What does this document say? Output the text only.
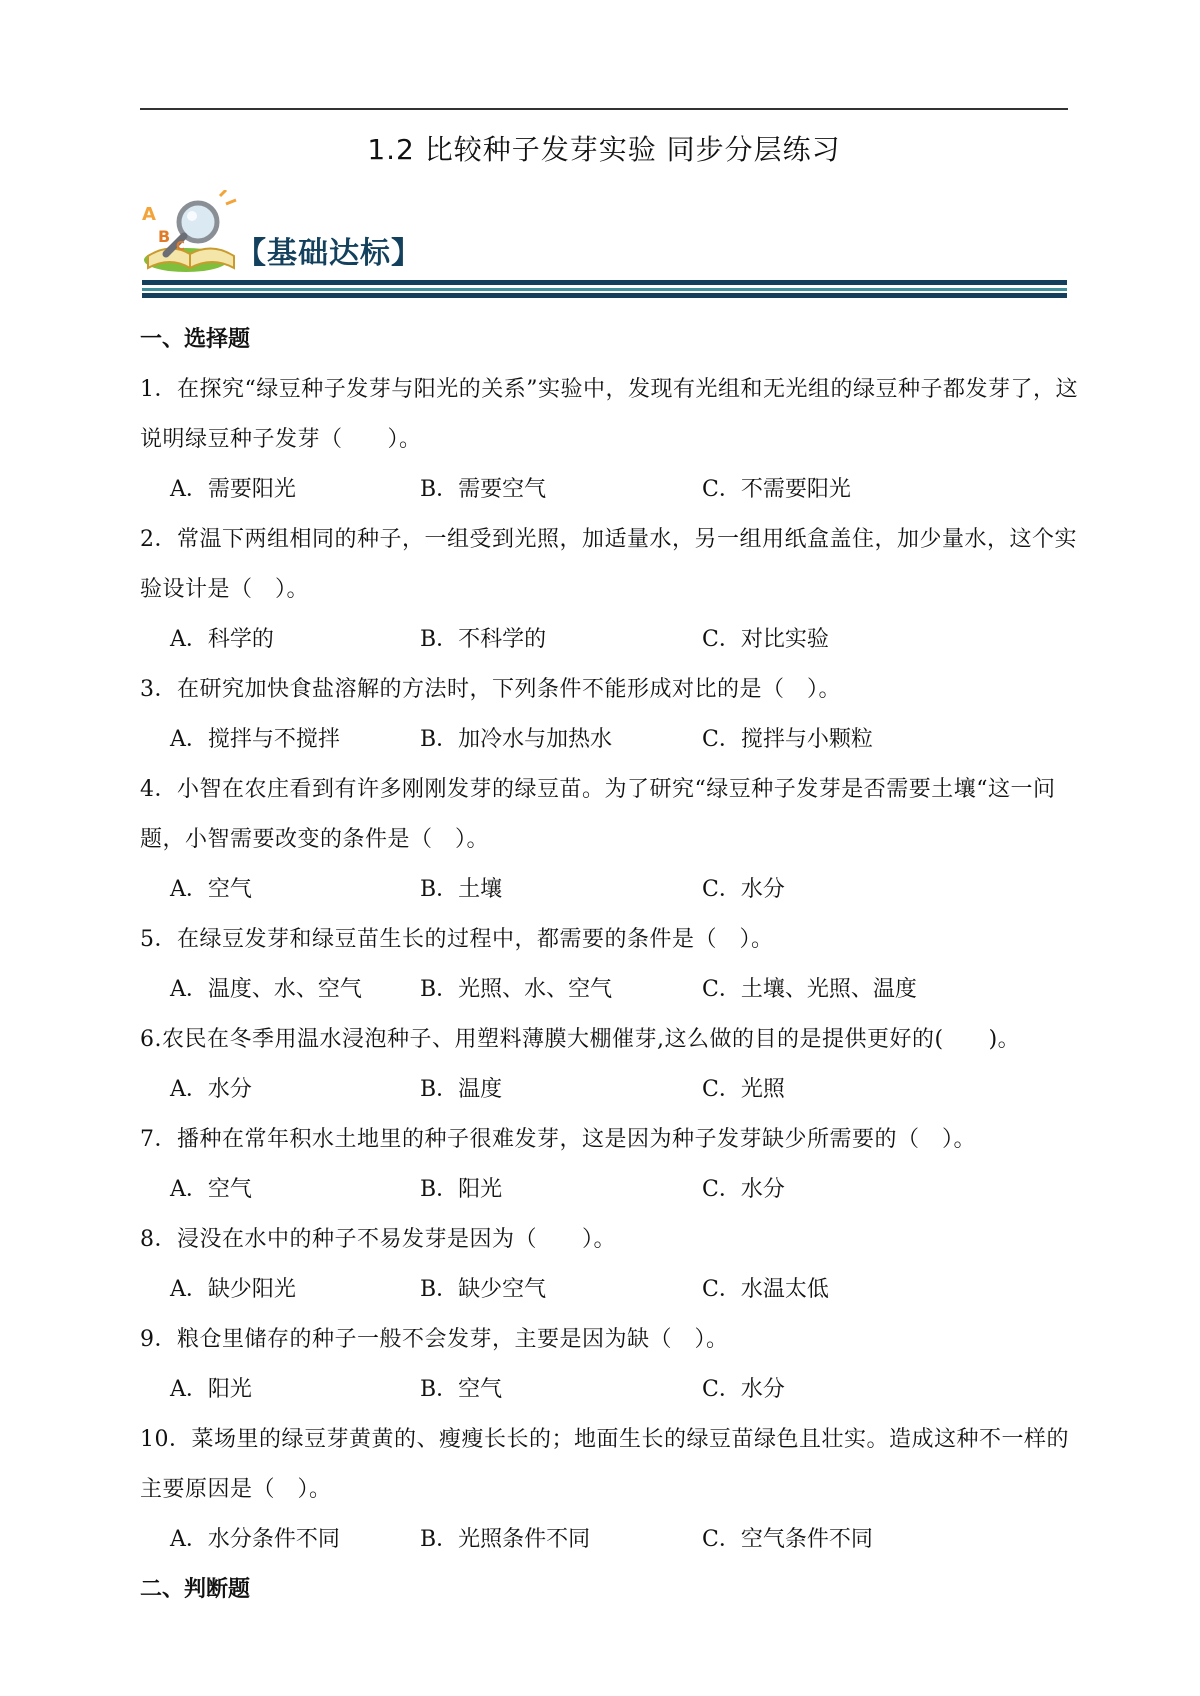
1.2 比较种子发芽实验 同步分层练习
A
B C 【基础达标】
一、选择题
1．在探究“绿豆种子发芽与阳光的关系”实验中，发现有光组和无光组的绿豆种子都发芽了，这说明绿豆种子发芽（　　）。
A．需要阳光	B．需要空气	C．不需要阳光
2．常温下两组相同的种子，一组受到光照，加适量水，另一组用纸盒盖住，加少量水，这个实验设计是（　）。
A．科学的	B．不科学的	C．对比实验
3．在研究加快食盐溶解的方法时，下列条件不能形成对比的是（　）。
A．搅拌与不搅拌	B．加冷水与加热水	C．搅拌与小颗粒
4．小智在农庄看到有许多刚刚发芽的绿豆苗。为了研究“绿豆种子发芽是否需要土壤“这一问题，小智需要改变的条件是（　）。
A．空气	B．土壤	C．水分
5．在绿豆发芽和绿豆苗生长的过程中，都需要的条件是（　）。
A．温度、水、空气	B．光照、水、空气	C．土壤、光照、温度
6.农民在冬季用温水浸泡种子、用塑料薄膜大棚催芽,这么做的目的是提供更好的(　　)。
A．水分	B．温度	C．光照
7．播种在常年积水土地里的种子很难发芽，这是因为种子发芽缺少所需要的（　）。
A．空气	B．阳光	C．水分
8．浸没在水中的种子不易发芽是因为（　　）。
A．缺少阳光	B．缺少空气	C．水温太低
9．粮仓里储存的种子一般不会发芽，主要是因为缺（　）。
A．阳光	B．空气	C．水分
10．菜场里的绿豆芽黄黄的、瘦瘦长长的；地面生长的绿豆苗绿色且壮实。造成这种不一样的主要原因是（　）。
A．水分条件不同	B．光照条件不同	C．空气条件不同
二、判断题
